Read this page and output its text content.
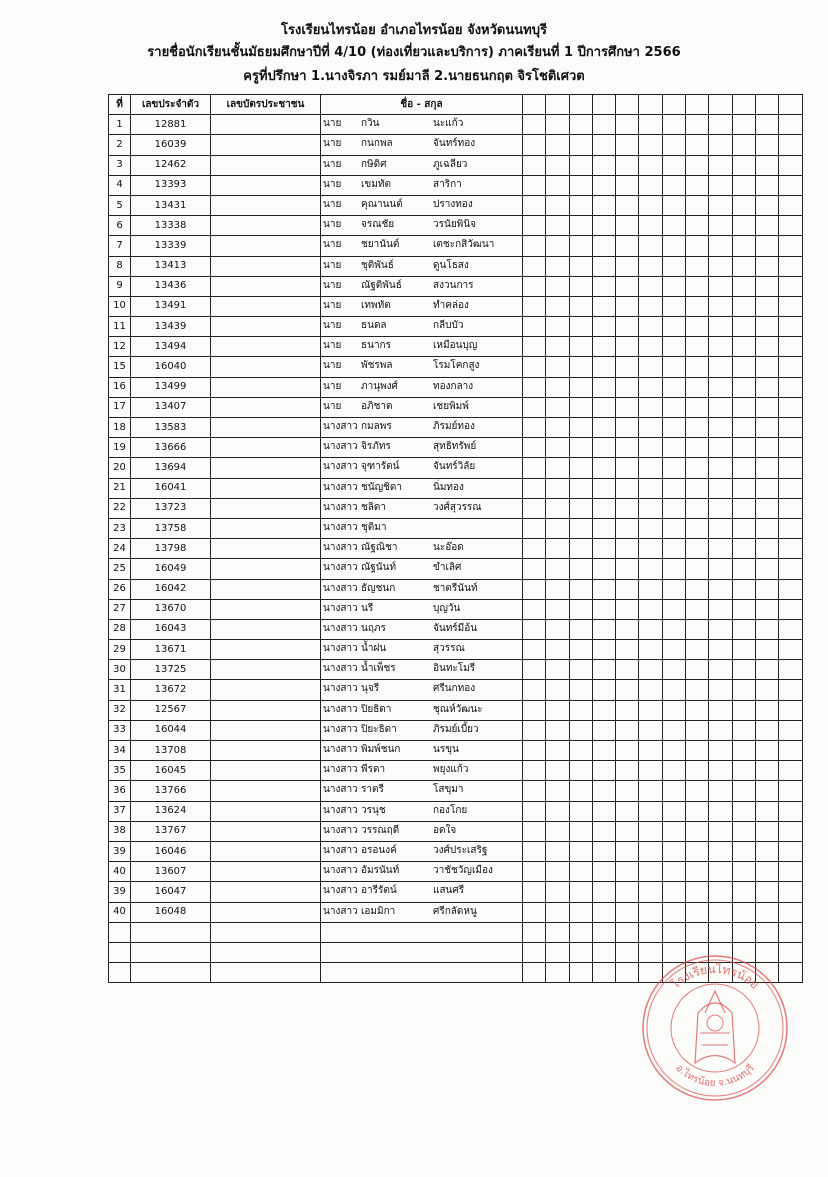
โรงเรียนไทรน้อย อำเภอไทรน้อย จังหวัดนนทบุรี
รายชื่อนักเรียนชั้นมัธยมศึกษาปีที่ 4/10 (ท่องเที่ยวและบริการ) ภาคเรียนที่ 1 ปีการศึกษา 2566
ครูที่ปรึกษา 1.นางจิรภา รมย์มาลี 2.นายธนกฤต จิรโชติเศวต
ที่	เลขประจำตัว	เลขบัตรประชาชน	ชื่อ - สกุล												
1	12881		นาย กวิน นะแก้ว												

2	16039		นาย กนกพล จันทร์ทอง												

3	12462		นาย กษิดิศ ภูเฉลียว												

4	13393		นาย เขมทัต สาริกา												

5	13431		นาย คุณานนต์ ปรางทอง												

6	13338		นาย จรณชัย วรนัยพินิจ												

7	13339		นาย ชยานันต์ เตชะกสิวัฒนา												

8	13413		นาย ชุติพันธ์ ดูนโธสง												

9	13436		นาย ณัฐติพันธ์ สงวนการ												

10	13491		นาย เทพทัต ทำคล่อง												

11	13439		นาย ธนดล กลีบบัว												

12	13494		นาย ธนากร เหมือนบุญ												

15	16040		นาย พัชรพล โรมโคกสูง												

16	13499		นาย ภานุพงศ์ ทองกลาง												

17	13407		นาย อภิชาต เชยพิมพ์												

18	13583		นางสาว กมลพร ภิรมย์ทอง												

19	13666		นางสาว จิรภัทร สุทธิทรัพย์												

20	13694		นางสาว จุฑารัตน์ จันทร์วิลัย												

21	16041		นางสาว ชนัญชิดา นิ่มทอง												

22	13723		นางสาว ชลิดา วงศ์สุวรรณ												

23	13758		นางสาว ชุติมา												

24	13798		นางสาว ณัฐณิชา นะอ๊อด												

25	16049		นางสาว ณัฐนันท์ ขำเลิศ												

26	16042		นางสาว ธัญชนก ชาตรีนันท์												

27	13670		นางสาว นรี บุญวัน												

28	16043		นางสาว นฤภร จันทร์มีอ้น												

29	13671		นางสาว น้ำฝน สุวรรณ												

30	13725		นางสาว น้ำเพ็ชร อินทะโมรี												

31	13672		นางสาว นุจรี ศรีนกทอง												

32	12567		นางสาว ปิยธิดา ชุณห์วัฒนะ												

33	16044		นางสาว ปิยะธิดา ภิรมย์เบี้ยว												

34	13708		นางสาว พิมพ์ชนก นรขุน												

35	16045		นางสาว พีรดา พยุงแก้ว												

36	13766		นางสาว ราตรี โสขุมา												

37	13624		นางสาว วรนุช กองโกย												

38	13767		นางสาว วรรณฤดี อดใจ												

39	16046		นางสาว อรอนงค์ วงศ์ประเสริฐ												

40	13607		นางสาว อัมรนันท์ วาชัชวัญเมือง												

39	16047		นางสาว อารีรัตน์ แสนศรี												

40	16048		นางสาว เอมมิกา ศรีกลัดหนู												

โรงเรียนไทรน้อย
อ.ไทรน้อย จ.นนทบุรี
